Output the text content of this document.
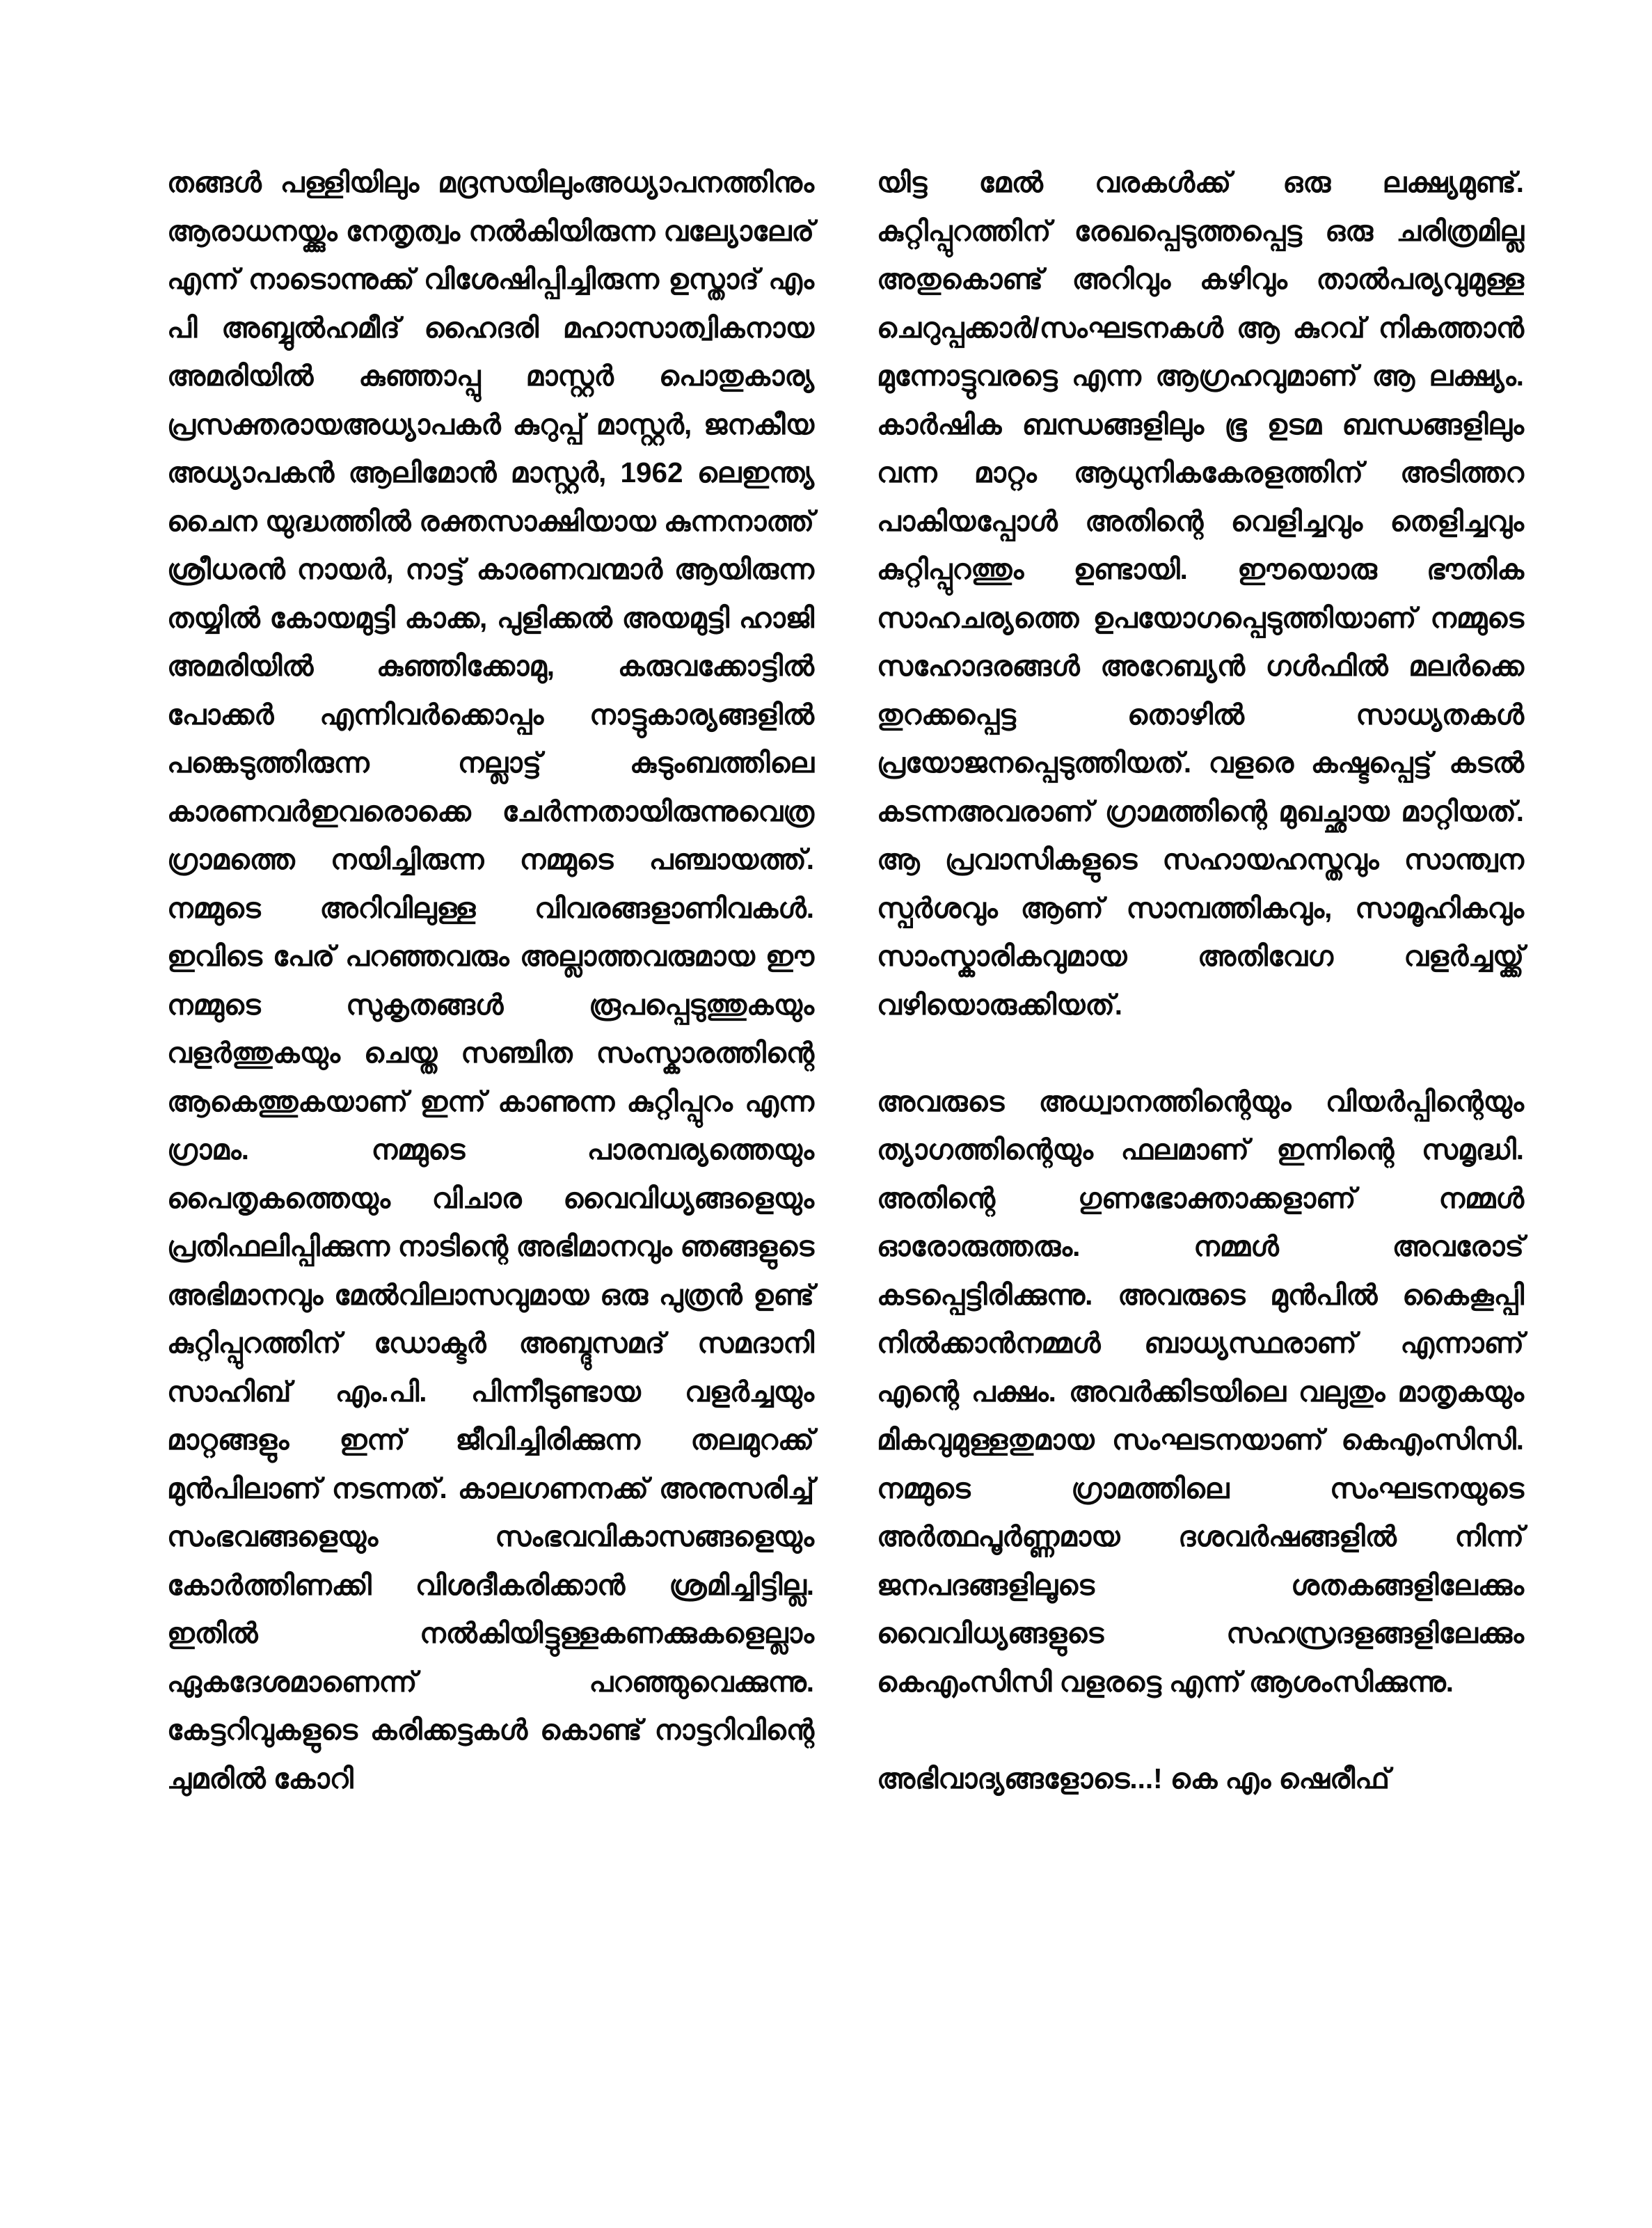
തങ്ങൾ പള്ളിയിലും മദ്രസയിലുംഅധ്യാപനത്തിനും ആരാധനയ്ക്കും നേതൃത്വം നൽകിയിരുന്ന വല്യോലേര് എന്ന് നാടൊന്നുക്ക് വിശേഷിപ്പിച്ചിരുന്ന ഉസ്താദ് എം പി അബ്ബുൽഹമീദ് ഹൈദരി മഹാസാത്വികനായ അമരിയിൽ കുഞ്ഞാപ്പു മാസ്റ്റർ പൊതുകാര്യ പ്രസക്തരായഅധ്യാപകർ കുറുപ്പ് മാസ്റ്റർ, ജനകീയ അധ്യാപകൻ ആലിമോൻ മാസ്റ്റർ, 1962 ലെഇന്ത്യ ചൈന യുദ്ധത്തിൽ രക്തസാക്ഷിയായ കുന്നനാത്ത് ശ്രീധരൻ നായർ, നാട്ട് കാരണവന്മാർ ആയിരുന്ന തയ്യിൽ കോയമുട്ടി കാക്ക, പുളിക്കൽ അയമുട്ടി ഹാജി അമരിയിൽ കുഞ്ഞിക്കോമു, കരുവക്കോട്ടിൽ പോക്കർ എന്നിവർക്കൊപ്പം നാട്ടുകാര്യങ്ങളിൽ പങ്കെടുത്തിരുന്ന നല്ലാട്ട് കുടുംബത്തിലെ കാരണവർഇവരൊക്കെ ചേർന്നതായിരുന്നുവെത്ര ഗ്രാമത്തെ നയിച്ചിരുന്ന നമ്മുടെ പഞ്ചായത്ത്. നമ്മുടെ അറിവിലുള്ള വിവരങ്ങളാണിവകൾ. ഇവിടെ പേര് പറഞ്ഞവരും അല്ലാത്തവരുമായ ഈ നമ്മുടെ സുകൃതങ്ങൾ രൂപപ്പെടുത്തുകയും വളർത്തുകയും ചെയ്ത സഞ്ചിത സംസ്കാരത്തിന്റെ ആകെത്തുകയാണ് ഇന്ന് കാണുന്ന കുറ്റിപ്പുറം എന്ന ഗ്രാമം. നമ്മുടെ പാരമ്പര്യത്തെയും പൈതൃകത്തെയും വിചാര വൈവിധ്യങ്ങളെയും പ്രതിഫലിപ്പിക്കുന്ന നാടിന്റെ അഭിമാനവും ഞങ്ങളുടെ അഭിമാനവും മേൽവിലാസവുമായ ഒരു പുത്രൻ ഉണ്ട് കുറ്റിപ്പുറത്തിന് ഡോക്ടർ അബ്ദുസമദ് സമദാനി സാഹിബ് എം.പി. പിന്നീടുണ്ടായ വളർച്ചയും മാറ്റങ്ങളും ഇന്ന് ജീവിച്ചിരിക്കുന്ന തലമുറക്ക് മുൻപിലാണ് നടന്നത്. കാലഗണനക്ക് അനുസരിച്ച് സംഭവങ്ങളെയും സംഭവവികാസങ്ങളെയും കോർത്തിണക്കി വിശദീകരിക്കാൻ ശ്രമിച്ചിട്ടില്ല. ഇതിൽ നൽകിയിട്ടുള്ളകണക്കുകളെല്ലാം ഏകദേശമാണെന്ന് പറഞ്ഞുവെക്കുന്നു. കേട്ടറിവുകളുടെ കരിക്കട്ടകൾ കൊണ്ട് നാട്ടറിവിന്റെ ചുമരിൽ കോറി

യിട്ട മേൽ വരകൾക്ക് ഒരു ലക്ഷ്യമുണ്ട്. കുറ്റിപ്പുറത്തിന് രേഖപ്പെടുത്തപ്പെട്ട ഒരു ചരിത്രമില്ല അതുകൊണ്ട് അറിവും കഴിവും താൽപര്യവുമുള്ള ചെറുപ്പക്കാർ/സംഘടനകൾ ആ കുറവ് നികത്താൻ മുന്നോട്ടുവരട്ടെ എന്ന ആഗ്രഹവുമാണ് ആ ലക്ഷ്യം. കാർഷിക ബന്ധങ്ങളിലും ഭൂ ഉടമ ബന്ധങ്ങളിലും വന്ന മാറ്റം ആധുനികകേരളത്തിന് അടിത്തറ പാകിയപ്പോൾ അതിന്റെ വെളിച്ചവും തെളിച്ചവും കുറ്റിപ്പുറത്തും ഉണ്ടായി. ഈയൊരു ഭൗതിക സാഹചര്യത്തെ ഉപയോഗപ്പെടുത്തിയാണ് നമ്മുടെ സഹോദരങ്ങൾ അറേബ്യൻ ഗൾഫിൽ മലർക്കെ തുറക്കപ്പെട്ട തൊഴിൽ സാധ്യതകൾ പ്രയോജനപ്പെടുത്തിയത്. വളരെ കഷ്ടപ്പെട്ട് കടൽ കടന്നഅവരാണ് ഗ്രാമത്തിന്റെ മുഖച്ഛായ മാറ്റിയത്. ആ പ്രവാസികളുടെ സഹായഹസ്തവും സാന്ത്വന സ്പർശവും ആണ് സാമ്പത്തികവും, സാമൂഹികവും സാംസ്കാരികവുമായ അതിവേഗ വളർച്ചയ്ക്ക് വഴിയൊരുക്കിയത്.

അവരുടെ അധ്വാനത്തിന്റെയും വിയർപ്പിന്റെയും ത്യാഗത്തിന്റെയും ഫലമാണ് ഇന്നിന്റെ സമൃദ്ധി. അതിന്റെ ഗുണഭോക്താക്കളാണ് നമ്മൾ ഓരോരുത്തരും. നമ്മൾ അവരോട് കടപ്പെട്ടിരിക്കുന്നു. അവരുടെ മുൻപിൽ കൈകൂപ്പി നിൽക്കാൻനമ്മൾ ബാധ്യസ്ഥരാണ് എന്നാണ് എന്റെ പക്ഷം. അവർക്കിടയിലെ വലുതും മാതൃകയും മികവുമുള്ളതുമായ സംഘടനയാണ് കെഎംസിസി. നമ്മുടെ ഗ്രാമത്തിലെ സംഘടനയുടെ അർത്ഥപൂർണ്ണമായ ദശവർഷങ്ങളിൽ നിന്ന് ജനപദങ്ങളിലൂടെ ശതകങ്ങളിലേക്കും വൈവിധ്യങ്ങളുടെ സഹസ്രദളങ്ങളിലേക്കും കെഎംസിസി വളരട്ടെ എന്ന് ആശംസിക്കുന്നു.

അഭിവാദ്യങ്ങളോടെ...! കെ എം ഷെരീഫ്
